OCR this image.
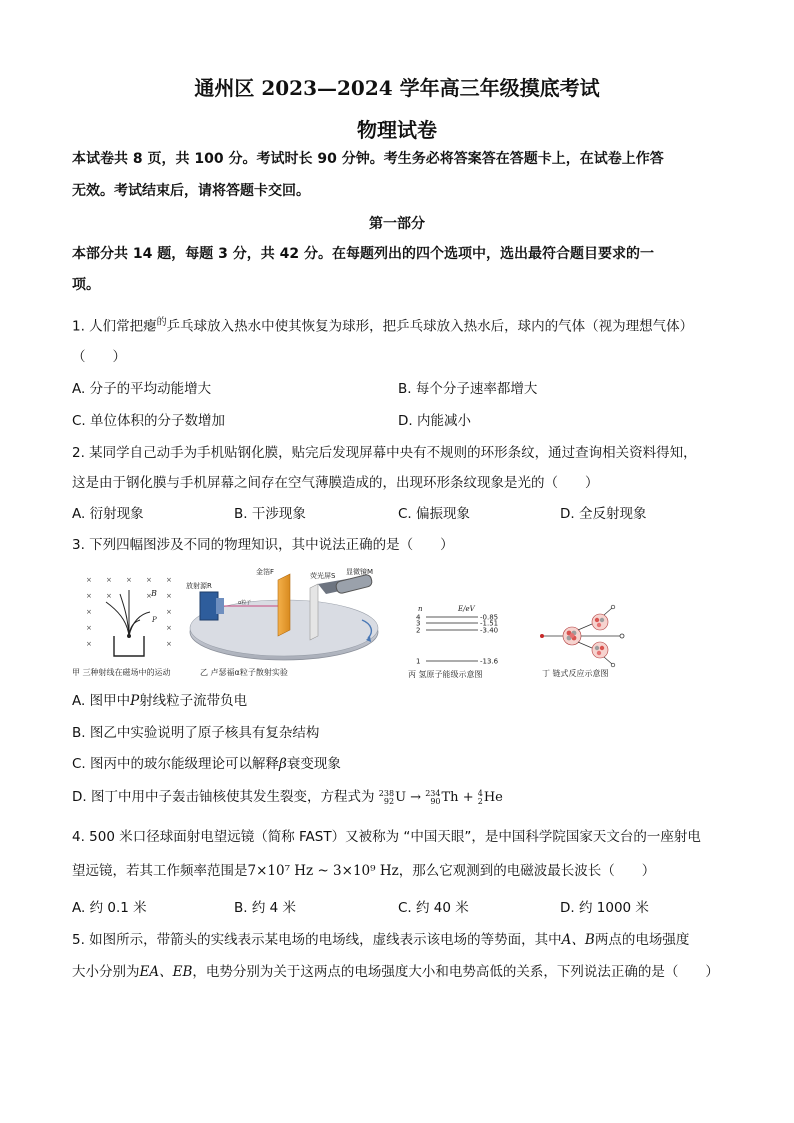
通州区 2023—2024 学年高三年级摸底考试
物理试卷
本试卷共 8 页，共 100 分。考试时长 90 分钟。考生务必将答案答在答题卡上，在试卷上作答
无效。考试结束后，请将答题卡交回。
第一部分
本部分共 14 题，每题 3 分，共 42 分。在每题列出的四个选项中，选出最符合题目要求的一
项。
1. 人们常把瘪$^的$乒乓球放入热水中使其恢复为球形，把乒乓球放入热水后，球内的气体（视为理想气体）
（　　）
A. 分子的平均动能增大	B. 每个分子速率都增大
C. 单位体积的分子数增加	D. 内能减小
2. 某同学自己动手为手机贴钢化膜，贴完后发现屏幕中央有不规则的环形条纹，通过查询相关资料得知，
这是由于钢化膜与手机屏幕之间存在空气薄膜造成的，出现环形条纹现象是光的（　　）
A. 衍射现象	B. 干涉现象	C. 偏振现象	D. 全反射现象
3. 下列四幅图涉及不同的物理知识，其中说法正确的是（　　）
× × × × ×
× ×	× ×
×	×
×	×
×	×
B
P
甲 三种射线在磁场中的运动
α粒子
放射源R
金箔F	荧光屏S 显微镜M
乙 卢瑟福α粒子散射实验
n	E/eV
4	-0.85
3	-1.51
2	-3.40
1	-13.6
丙 氢原子能级示意图	丁 链式反应示意图
A. 图甲中P射线粒子流带负电
B. 图乙中实验说明了原子核具有复杂结构
C. 图丙中的玻尔能级理论可以解释β衰变现象
D. 图丁中用中子轰击铀核使其发生裂变，方程式为 238
92U → 234
90Th + 4
2He
4. 500 米口径球面射电望远镜（简称 FAST）又被称为 “中国天眼”，是中国科学院国家天文台的一座射电
望远镜，若其工作频率范围是7×10⁷ Hz ~ 3×10⁹ Hz，那么它观测到的电磁波最长波长（　　）
A. 约 0.1 米	B. 约 4 米	C. 约 40 米	D. 约 1000 米
5. 如图所示，带箭头的实线表示某电场的电场线，虚线表示该电场的等势面，其中A、B两点的电场强度
大小分别为EA、EB，电势分别为关于这两点的电场强度大小和电势高低的关系，下列说法正确的是（　　）
